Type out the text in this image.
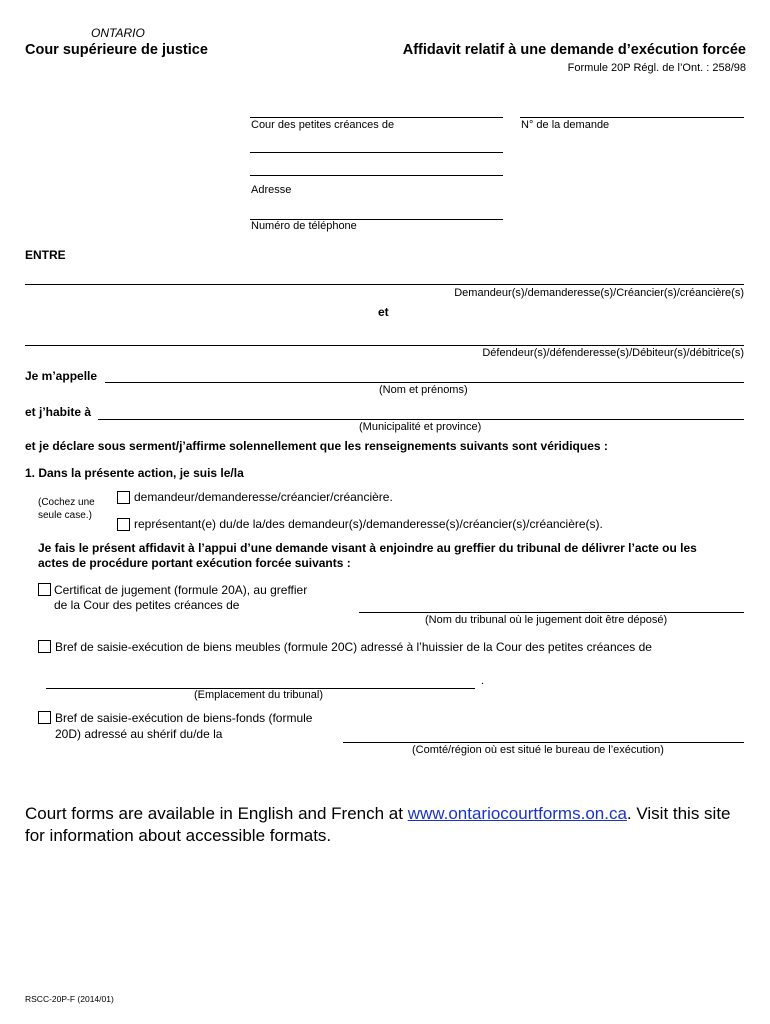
ONTARIO
Cour supérieure de justice	Affidavit relatif à une demande d’exécution forcée
Formule 20P Régl. de l’Ont. : 258/98
Cour des petites créances de	N° de la demande
Adresse
Numéro de téléphone
ENTRE
Demandeur(s)/demanderesse(s)/Créancier(s)/créancière(s)
et
Défendeur(s)/défenderesse(s)/Débiteur(s)/débitrice(s)
Je m’appelle
(Nom et prénoms)
et j’habite à
(Municipalité et province)
et je déclare sous serment/j’affirme solennellement que les renseignements suivants sont véridiques :
1. Dans la présente action, je suis le/la
(Cochez une
seule case.)
demandeur/demanderesse/créancier/créancière.
représentant(e) du/de la/des demandeur(s)/demanderesse(s)/créancier(s)/créancière(s).
Je fais le présent affidavit à l’appui d’une demande visant à enjoindre au greffier du tribunal de délivrer l’acte ou les
actes de procédure portant exécution forcée suivants :
Certificat de jugement (formule 20A), au greffier
de la Cour des petites créances de
(Nom du tribunal où le jugement doit être déposé)
Bref de saisie-exécution de biens meubles (formule 20C) adressé à l’huissier de la Cour des petites créances de
.
(Emplacement du tribunal)
Bref de saisie-exécution de biens-fonds (formule
20D) adressé au shérif du/de la
(Comté/région où est situé le bureau de l’exécution)
Court forms are available in English and French at www.ontariocourtforms.on.ca. Visit this site
for information about accessible formats.
RSCC-20P-F (2014/01)
